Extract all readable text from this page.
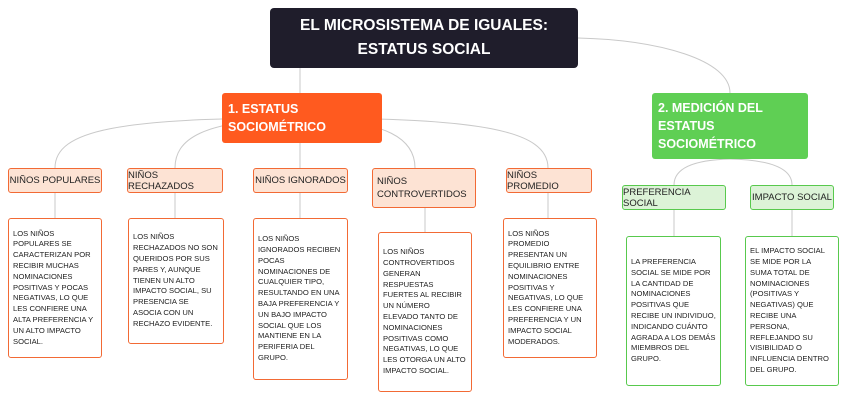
EL MICROSISTEMA DE IGUALES: ESTATUS SOCIAL
1. ESTATUS SOCIOMÉTRICO
2. MEDICIÓN DEL ESTATUS SOCIOMÉTRICO
NIÑOS POPULARES	NIÑOS RECHAZADOS	NIÑOS IGNORADOS	NIÑOS CONTROVERTIDOS
NIÑOS PROMEDIO
LOS NIÑOS POPULARES SE CARACTERIZAN POR RECIBIR MUCHAS NOMINACIONES POSITIVAS Y POCAS NEGATIVAS, LO QUE LES CONFIERE UNA ALTA PREFERENCIA Y UN ALTO IMPACTO SOCIAL.
LOS NIÑOS RECHAZADOS NO SON QUERIDOS POR SUS PARES Y, AUNQUE TIENEN UN ALTO IMPACTO SOCIAL, SU PRESENCIA SE ASOCIA CON UN RECHAZO EVIDENTE.
LOS NIÑOS IGNORADOS RECIBEN POCAS NOMINACIONES DE CUALQUIER TIPO, RESULTANDO EN UNA BAJA PREFERENCIA Y UN BAJO IMPACTO SOCIAL QUE LOS MANTIENE EN LA PERIFERIA DEL GRUPO.
LOS NIÑOS CONTROVERTIDOS GENERAN RESPUESTAS FUERTES AL RECIBIR UN NÚMERO ELEVADO TANTO DE NOMINACIONES POSITIVAS COMO NEGATIVAS, LO QUE LES OTORGA UN ALTO IMPACTO SOCIAL.
LOS NIÑOS PROMEDIO PRESENTAN UN EQUILIBRIO ENTRE NOMINACIONES POSITIVAS Y NEGATIVAS, LO QUE LES CONFIERE UNA PREFERENCIA Y UN IMPACTO SOCIAL MODERADOS.
PREFERENCIA SOCIAL	IMPACTO SOCIAL
LA PREFERENCIA SOCIAL SE MIDE POR LA CANTIDAD DE NOMINACIONES POSITIVAS QUE RECIBE UN INDIVIDUO, INDICANDO CUÁNTO AGRADA A LOS DEMÁS MIEMBROS DEL GRUPO.
EL IMPACTO SOCIAL SE MIDE POR LA SUMA TOTAL DE NOMINACIONES (POSITIVAS Y NEGATIVAS) QUE RECIBE UNA PERSONA, REFLEJANDO SU VISIBILIDAD O INFLUENCIA DENTRO DEL GRUPO.
